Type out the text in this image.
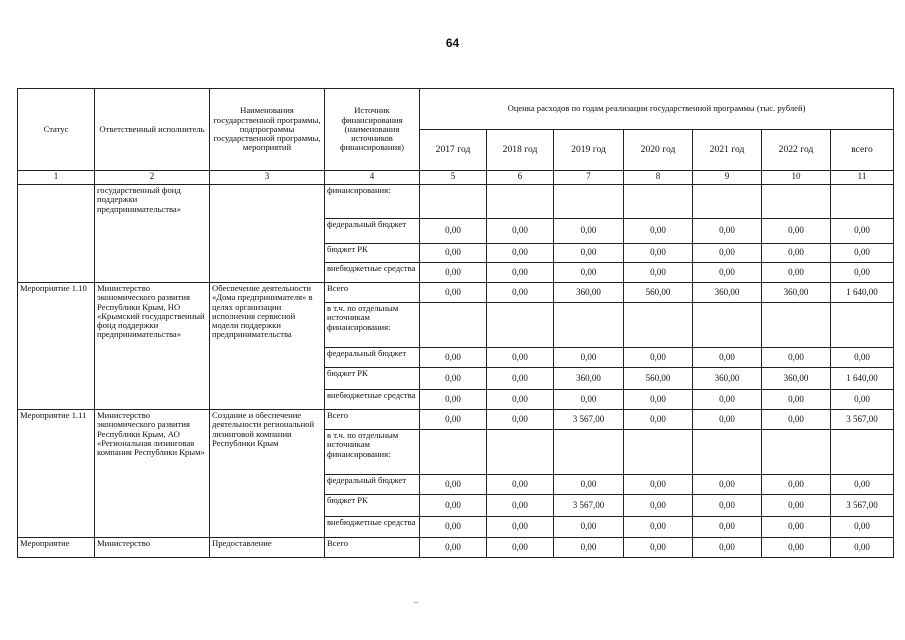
64
Статус	Ответственный исполнитель	Наименования государственной программы, подпрограммы государственной программы, мероприятий	Источник финансирования (наименования источников финансирования)	Оценка расходов по годам реализации государственной программы (тыс. рублей)						
				2017 год	2018 год	2019 год	2020 год	2021 год	2022 год	всего
1	2	3	4	5	6	7	8	9	10	11
	государственный фонд поддержки предпринимательства»		финансирования:							
			федеральный бюджет	0,00	0,00	0,00	0,00	0,00	0,00	0,00
			бюджет РК	0,00	0,00	0,00	0,00	0,00	0,00	0,00
			внебюджетные средства	0,00	0,00	0,00	0,00	0,00	0,00	0,00
Мероприятие 1.10	Министерство экономического развития Республики Крым, НО «Крымский государственный фонд поддержки предпринимательства»	Обеспечение деятельности «Дома предпринимателя» в целях организации исполнения сервисной модели поддержки предпринимательства	Всего	0,00	0,00	360,00	560,00	360,00	360,00	1 640,00
			в т.ч. по отдельным источникам финансирования:							
			федеральный бюджет	0,00	0,00	0,00	0,00	0,00	0,00	0,00
			бюджет РК	0,00	0,00	360,00	560,00	360,00	360,00	1 640,00
			внебюджетные средства	0,00	0,00	0,00	0,00	0,00	0,00	0,00
Мероприятие 1.11	Министерство экономического развития Республики Крым, АО «Региональная лизинговая компания Республики Крым»	Создание и обеспечение деятельности региональной лизинговой компании Республики Крым	Всего	0,00	0,00	3 567,00	0,00	0,00	0,00	3 567,00
			в т.ч. по отдельным источникам финансирования:							
			федеральный бюджет	0,00	0,00	0,00	0,00	0,00	0,00	0,00
			бюджет РК	0,00	0,00	3 567,00	0,00	0,00	0,00	3 567,00
			внебюджетные средства	0,00	0,00	0,00	0,00	0,00	0,00	0,00
Мероприятие	Министерство	Предоставление	Всего	0,00	0,00	0,00	0,00	0,00	0,00	0,00
